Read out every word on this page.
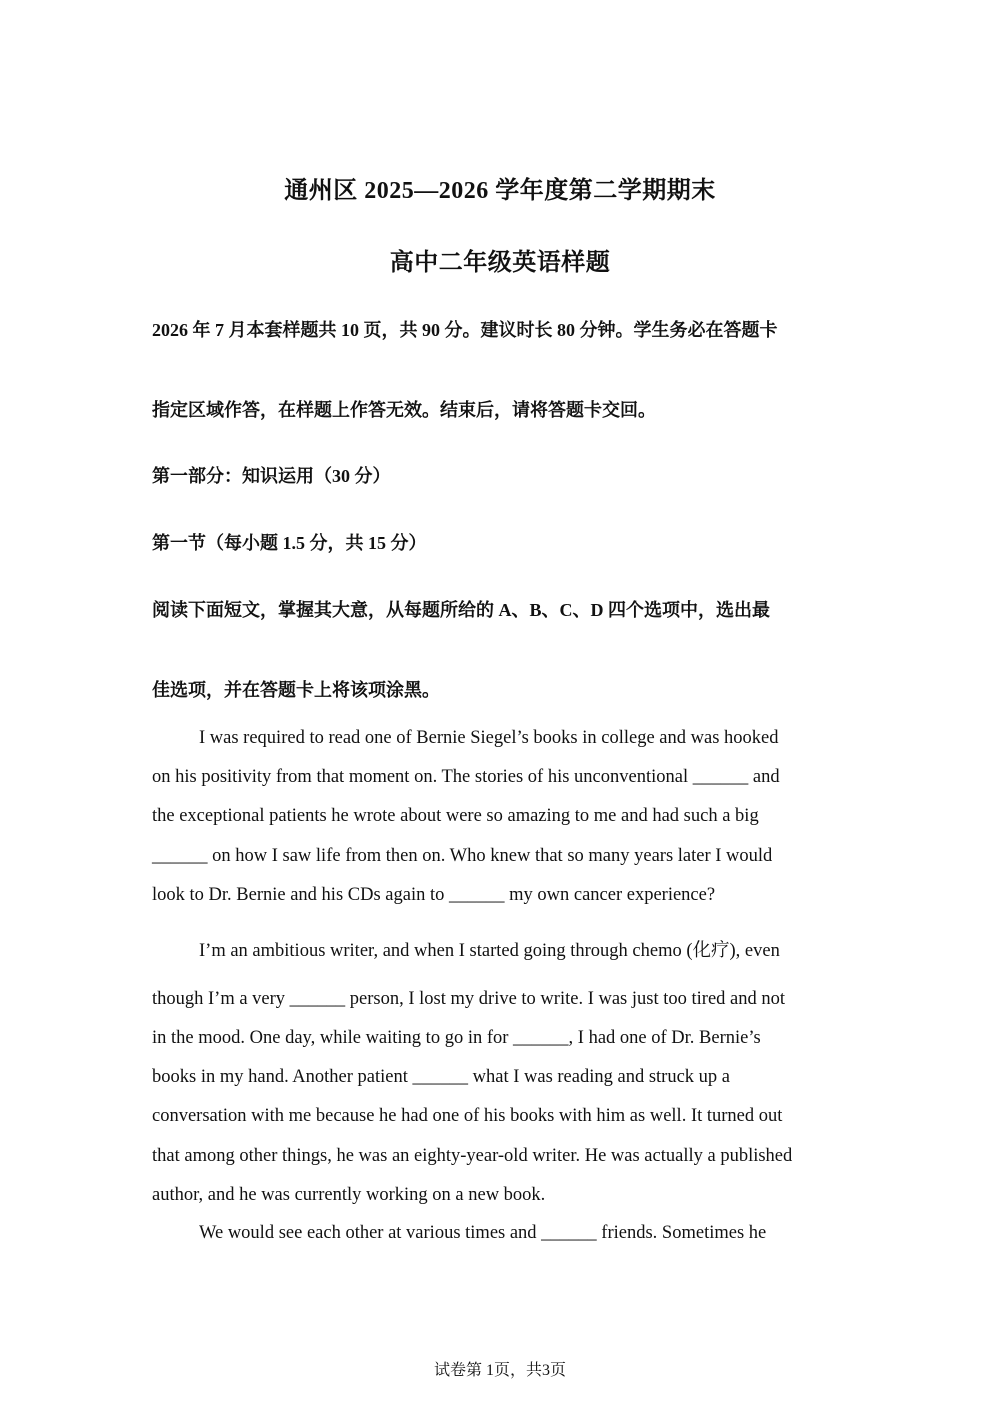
通州区 2025—2026 学年度第二学期期末
高中二年级英语样题
2026 年 7 月本套样题共 10 页，共 90 分。建议时长 80 分钟。学生务必在答题卡
指定区域作答，在样题上作答无效。结束后，请将答题卡交回。
第一部分：知识运用（30 分）
第一节（每小题 1.5 分，共 15 分）
阅读下面短文，掌握其大意，从每题所给的 A、B、C、D 四个选项中，选出最
佳选项，并在答题卡上将该项涂黑。
I was required to read one of Bernie Siegel’s books in college and was hooked
on his positivity from that moment on. The stories of his unconventional ______ and
the exceptional patients he wrote about were so amazing to me and had such a big
______ on how I saw life from then on. Who knew that so many years later I would
look to Dr. Bernie and his CDs again to ______ my own cancer experience?
I’m an ambitious writer, and when I started going through chemo (化疗), even
though I’m a very ______ person, I lost my drive to write. I was just too tired and not
in the mood. One day, while waiting to go in for ______, I had one of Dr. Bernie’s
books in my hand. Another patient ______ what I was reading and struck up a
conversation with me because he had one of his books with him as well. It turned out
that among other things, he was an eighty-year-old writer. He was actually a published
author, and he was currently working on a new book.
We would see each other at various times and ______ friends. Sometimes he
试卷第 1页，共3页
